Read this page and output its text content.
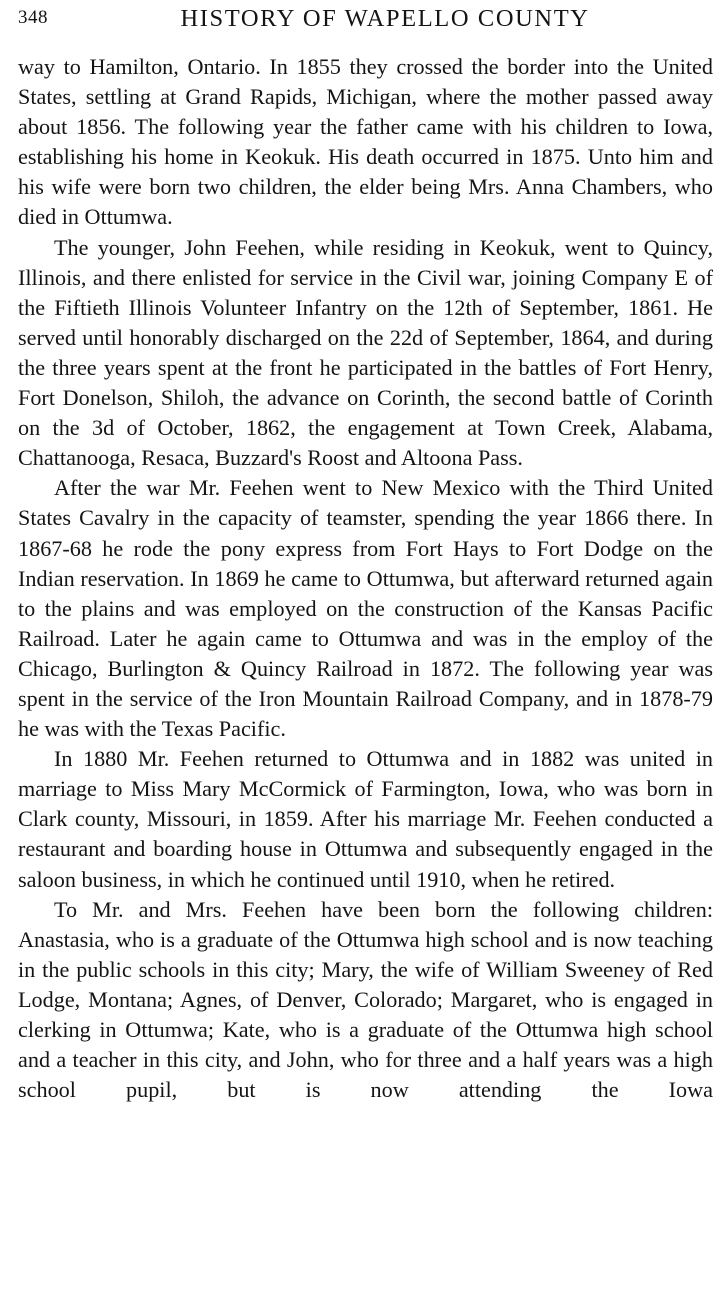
348	HISTORY OF WAPELLO COUNTY

way to Hamilton, Ontario. In 1855 they crossed the border into the United States, settling at Grand Rapids, Michigan, where the mother passed away about 1856. The following year the father came with his children to Iowa, establishing his home in Keokuk. His death occurred in 1875. Unto him and his wife were born two children, the elder being Mrs. Anna Chambers, who died in Ottumwa.

The younger, John Feehen, while residing in Keokuk, went to Quincy, Illinois, and there enlisted for service in the Civil war, joining Company E of the Fiftieth Illinois Volunteer Infantry on the 12th of September, 1861. He served until honorably discharged on the 22d of September, 1864, and during the three years spent at the front he participated in the battles of Fort Henry, Fort Donelson, Shiloh, the advance on Corinth, the second battle of Corinth on the 3d of October, 1862, the engagement at Town Creek, Alabama, Chattanooga, Resaca, Buzzard's Roost and Altoona Pass.

After the war Mr. Feehen went to New Mexico with the Third United States Cavalry in the capacity of teamster, spending the year 1866 there. In 1867-68 he rode the pony express from Fort Hays to Fort Dodge on the Indian reservation. In 1869 he came to Ottumwa, but afterward returned again to the plains and was employed on the construction of the Kansas Pacific Railroad. Later he again came to Ottumwa and was in the employ of the Chicago, Burlington & Quincy Railroad in 1872. The following year was spent in the service of the Iron Mountain Railroad Company, and in 1878-79 he was with the Texas Pacific.

In 1880 Mr. Feehen returned to Ottumwa and in 1882 was united in marriage to Miss Mary McCormick of Farmington, Iowa, who was born in Clark county, Missouri, in 1859. After his marriage Mr. Feehen conducted a restaurant and boarding house in Ottumwa and subsequently engaged in the saloon business, in which he continued until 1910, when he retired.

To Mr. and Mrs. Feehen have been born the following children: Anastasia, who is a graduate of the Ottumwa high school and is now teaching in the public schools in this city; Mary, the wife of William Sweeney of Red Lodge, Montana; Agnes, of Denver, Colorado; Margaret, who is engaged in clerking in Ottumwa; Kate, who is a graduate of the Ottumwa high school and a teacher in this city, and John, who for three and a half years was a high school pupil, but is now attending the Iowa
